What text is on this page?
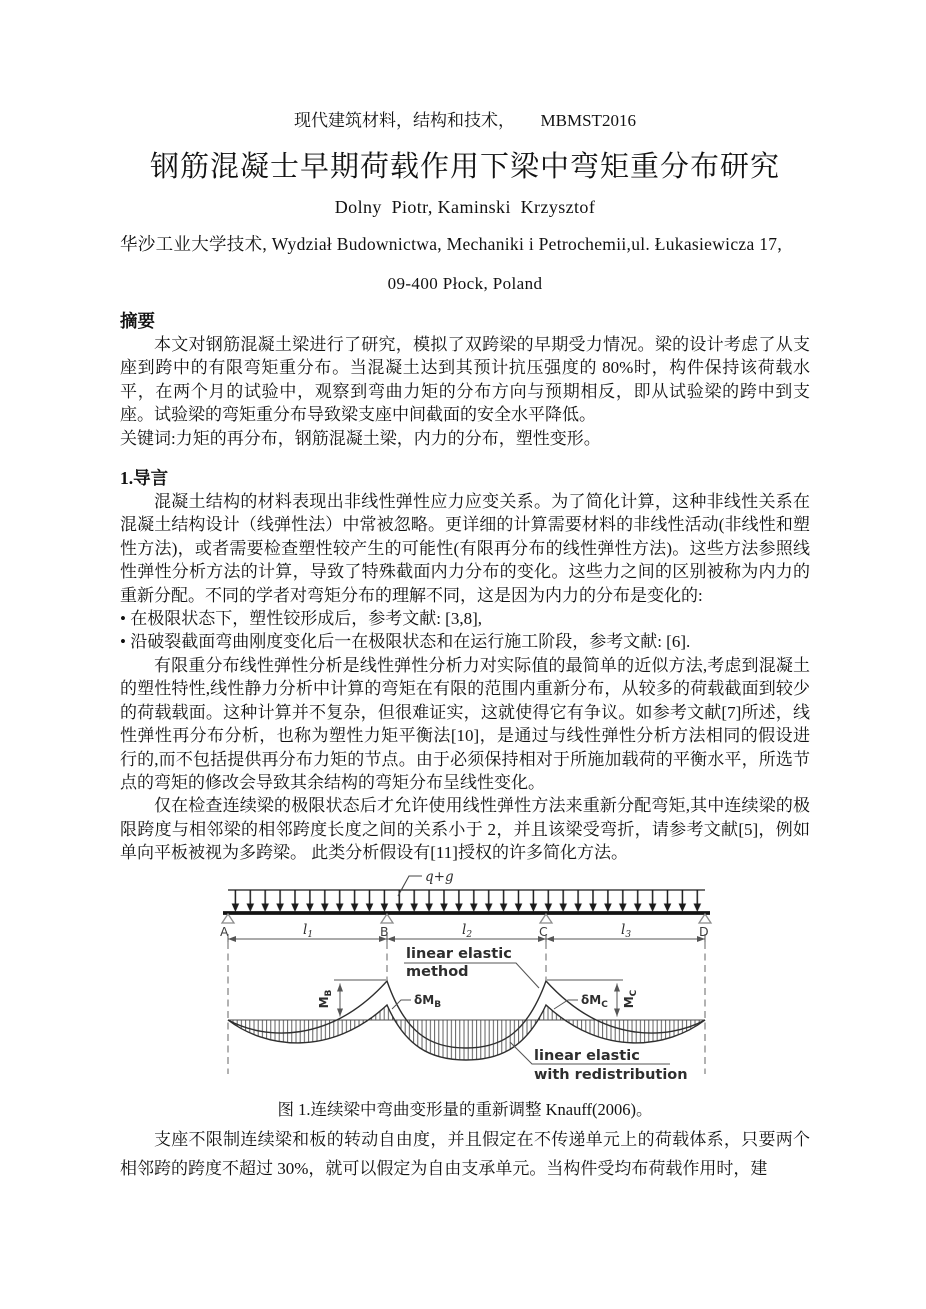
现代建筑材料，结构和技术，　　MBMST2016

钢筋混凝士早期荷载作用下梁中弯矩重分布研究

Dolny  Piotr, Kaminski  Krzysztof

华沙工业大学技术, Wydział Budownictwa, Mechaniki i Petrochemii,ul. Łukasiewicza 17,

09-400 Płock, Poland

摘要

本文对钢筋混凝土梁进行了研究，模拟了双跨梁的早期受力情况。梁的设计考虑了从支座到跨中的有限弯矩重分布。当混凝土达到其预计抗压强度的 80%时，构件保持该荷载水平，在两个月的试验中，观察到弯曲力矩的分布方向与预期相反，即从试验梁的跨中到支座。试验梁的弯矩重分布导致梁支座中间截面的安全水平降低。

关键词:力矩的再分布，钢筋混凝土梁，内力的分布，塑性变形。

1.导言

混凝土结构的材料表现出非线性弹性应力应变关系。为了简化计算，这种非线性关系在混凝土结构设计（线弹性法）中常被忽略。更详细的计算需要材料的非线性活动(非线性和塑性方法)，或者需要检查塑性较产生的可能性(有限再分布的线性弹性方法)。这些方法参照线性弹性分析方法的计算，导致了特殊截面内力分布的变化。这些力之间的区别被称为内力的重新分配。不同的学者对弯矩分布的理解不同，这是因为内力的分布是变化的:

• 在极限状态下，塑性铰形成后，参考文献: [3,8],

• 沿破裂截面弯曲刚度变化后一在极限状态和在运行施工阶段，参考文献: [6].

有限重分布线性弹性分析是线性弹性分析力对实际值的最简单的近似方法,考虑到混凝土的塑性特性,线性静力分析中计算的弯矩在有限的范围内重新分布，从较多的荷载截面到较少的荷载载面。这种计算并不复杂，但很难证实，这就使得它有争议。如参考文献[7]所述，线性弹性再分布分析，也称为塑性力矩平衡法[10]，是通过与线性弹性分析方法相同的假设进行的,而不包括提供再分布力矩的节点。由于必须保持相对于所施加载荷的平衡水平，所选节点的弯矩的修改会导致其余结构的弯矩分布呈线性变化。

仅在检查连续梁的极限状态后才允许使用线性弹性方法来重新分配弯矩,其中连续梁的极限跨度与相邻梁的相邻跨度长度之间的关系小于 2，并且该梁受弯折，请参考文献[5]，例如单向平板被视为多跨梁。 此类分析假设有[11]授权的许多简化方法。

q+g
A	B	C	D
$l_1$	$l_2$	$l_3$
$M_B$
$M_C$
$\delta M_B$	$\delta M_C$
linear elastic
method
linear elastic
with redistribution

图 1.连续梁中弯曲变形量的重新调整 Knauff(2006)。

支座不限制连续梁和板的转动自由度，并且假定在不传递单元上的荷载体系，只要两个相邻跨的跨度不超过 30%，就可以假定为自由支承单元。当构件受均布荷载作用时，建
